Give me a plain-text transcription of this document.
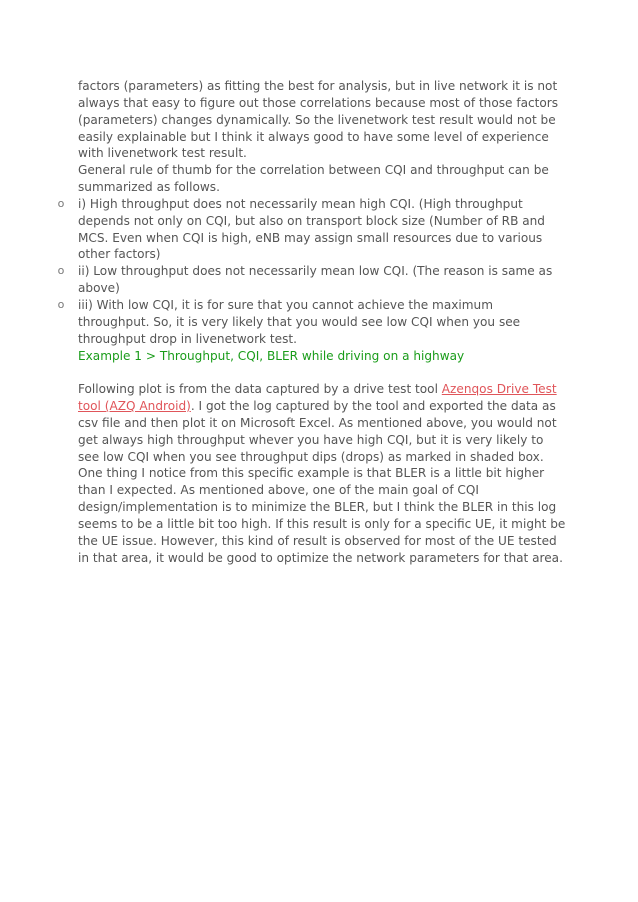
factors (parameters) as fitting the best for analysis, but in live network it is not always that easy to figure out those correlations because most of those factors (parameters) changes dynamically. So the livenetwork test result would not be easily explainable but I think it always good to have some level of experience with livenetwork test result.

General rule of thumb for the correlation between CQI and throughput can be summarized as follows.

o i) High throughput does not necessarily mean high CQI. (High throughput depends not only on CQI, but also on transport block size (Number of RB and MCS. Even when CQI is high, eNB may assign small resources due to various other factors)
o ii) Low throughput does not necessarily mean low CQI. (The reason is same as above)
o iii) With low CQI, it is for sure that you cannot achieve the maximum throughput. So, it is very likely that you would see low CQI when you see throughput drop in livenetwork test.

Example 1 > Throughput, CQI, BLER while driving on a highway

Following plot is from the data captured by a drive test tool Azenqos Drive Test tool (AZQ Android). I got the log captured by the tool and exported the data as csv file and then plot it on Microsoft Excel. As mentioned above, you would not get always high throughput whever you have high CQI, but it is very likely to see low CQI when you see throughput dips (drops) as marked in shaded box.

One thing I notice from this specific example is that BLER is a little bit higher than I expected. As mentioned above, one of the main goal of CQI design/implementation is to minimize the BLER, but I think the BLER in this log seems to be a little bit too high. If this result is only for a specific UE, it might be the UE issue. However, this kind of result is observed for most of the UE tested in that area, it would be good to optimize the network parameters for that area.
